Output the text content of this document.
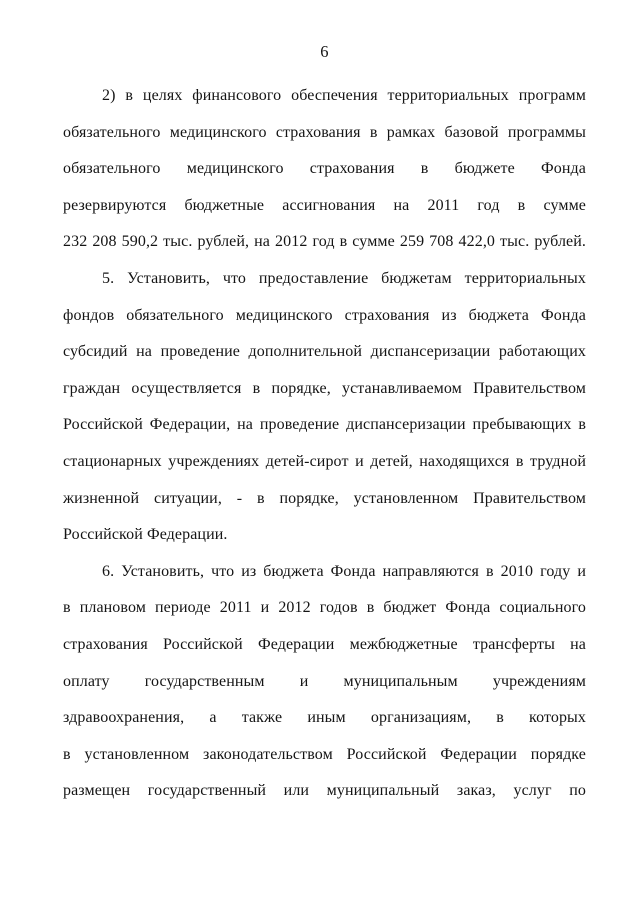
6
2) в целях финансового обеспечения территориальных программ
обязательного медицинского страхования в рамках базовой программы
обязательного медицинского страхования в бюджете Фонда
резервируются бюджетные ассигнования на 2011 год в сумме
232 208 590,2 тыс. рублей, на 2012 год в сумме 259 708 422,0 тыс. рублей.
5. Установить, что предоставление бюджетам территориальных
фондов обязательного медицинского страхования из бюджета Фонда
субсидий на проведение дополнительной диспансеризации работающих
граждан осуществляется в порядке, устанавливаемом Правительством
Российской Федерации, на проведение диспансеризации пребывающих в
стационарных учреждениях детей-сирот и детей, находящихся в трудной
жизненной ситуации, - в порядке, установленном Правительством
Российской Федерации.
6. Установить, что из бюджета Фонда направляются в 2010 году и
в плановом периоде 2011 и 2012 годов в бюджет Фонда социального
страхования Российской Федерации межбюджетные трансферты на
оплату государственным и муниципальным учреждениям
здравоохранения, а также иным организациям, в которых
в установленном законодательством Российской Федерации порядке
размещен государственный или муниципальный заказ, услуг по
